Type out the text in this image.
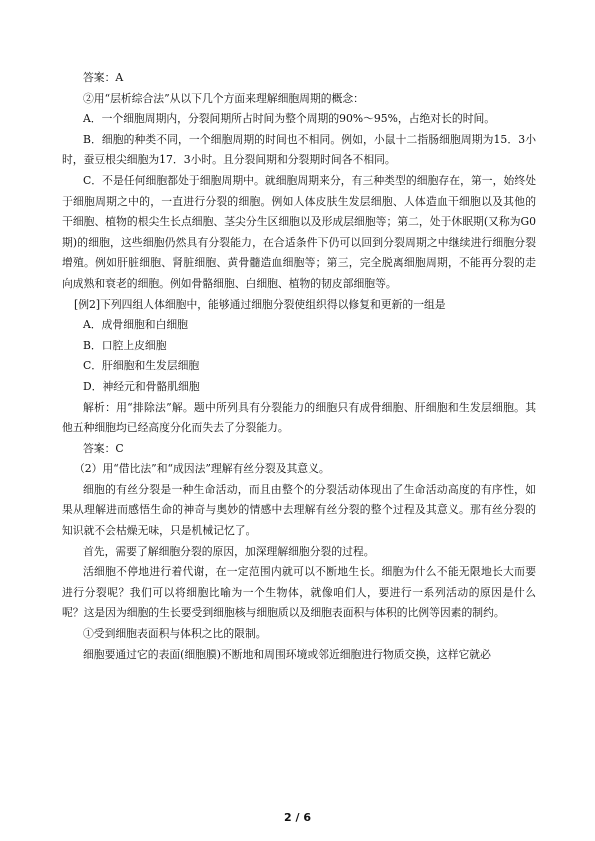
答案：A

②用“层析综合法”从以下几个方面来理解细胞周期的概念：

A．一个细胞周期内，分裂间期所占时间为整个周期的90%～95%，占绝对长的时间。

B．细胞的种类不同，一个细胞周期的时间也不相同。例如，小鼠十二指肠细胞周期为15．3小时，蚕豆根尖细胞为17．3小时。且分裂间期和分裂期时间各不相同。

C．不是任何细胞都处于细胞周期中。就细胞周期来分，有三种类型的细胞存在，第一，始终处于细胞周期之中的，一直进行分裂的细胞。例如人体皮肤生发层细胞、人体造血干细胞以及其他的干细胞、植物的根尖生长点细胞、茎尖分生区细胞以及形成层细胞等；第二，处于休眠期(又称为G0期)的细胞，这些细胞仍然具有分裂能力，在合适条件下仍可以回到分裂周期之中继续进行细胞分裂增殖。例如肝脏细胞、肾脏细胞、黄骨髓造血细胞等；第三，完全脱离细胞周期，不能再分裂的走向成熟和衰老的细胞。例如骨骼细胞、白细胞、植物的韧皮部细胞等。

[例2]下列四组人体细胞中，能够通过细胞分裂使组织得以修复和更新的一组是

A．成骨细胞和白细胞

B．口腔上皮细胞

C．肝细胞和生发层细胞

D．神经元和骨骼肌细胞

解析：用“排除法”解。题中所列具有分裂能力的细胞只有成骨细胞、肝细胞和生发层细胞。其他五种细胞均已经高度分化而失去了分裂能力。

答案：C

（2）用“借比法”和“成因法”理解有丝分裂及其意义。

细胞的有丝分裂是一种生命活动，而且由整个的分裂活动体现出了生命活动高度的有序性，如果从理解进而感悟生命的神奇与奥妙的情感中去理解有丝分裂的整个过程及其意义。那有丝分裂的知识就不会枯燥无味，只是机械记忆了。

首先，需要了解细胞分裂的原因，加深理解细胞分裂的过程。

活细胞不停地进行着代谢，在一定范围内就可以不断地生长。细胞为什么不能无限地长大而要进行分裂呢？我们可以将细胞比喻为一个生物体，就像咱们人，要进行一系列活动的原因是什么呢？这是因为细胞的生长要受到细胞核与细胞质以及细胞表面积与体积的比例等因素的制约。

①受到细胞表面积与体积之比的限制。

细胞要通过它的表面(细胞膜)不断地和周围环境或邻近细胞进行物质交换，这样它就必

2 / 6
